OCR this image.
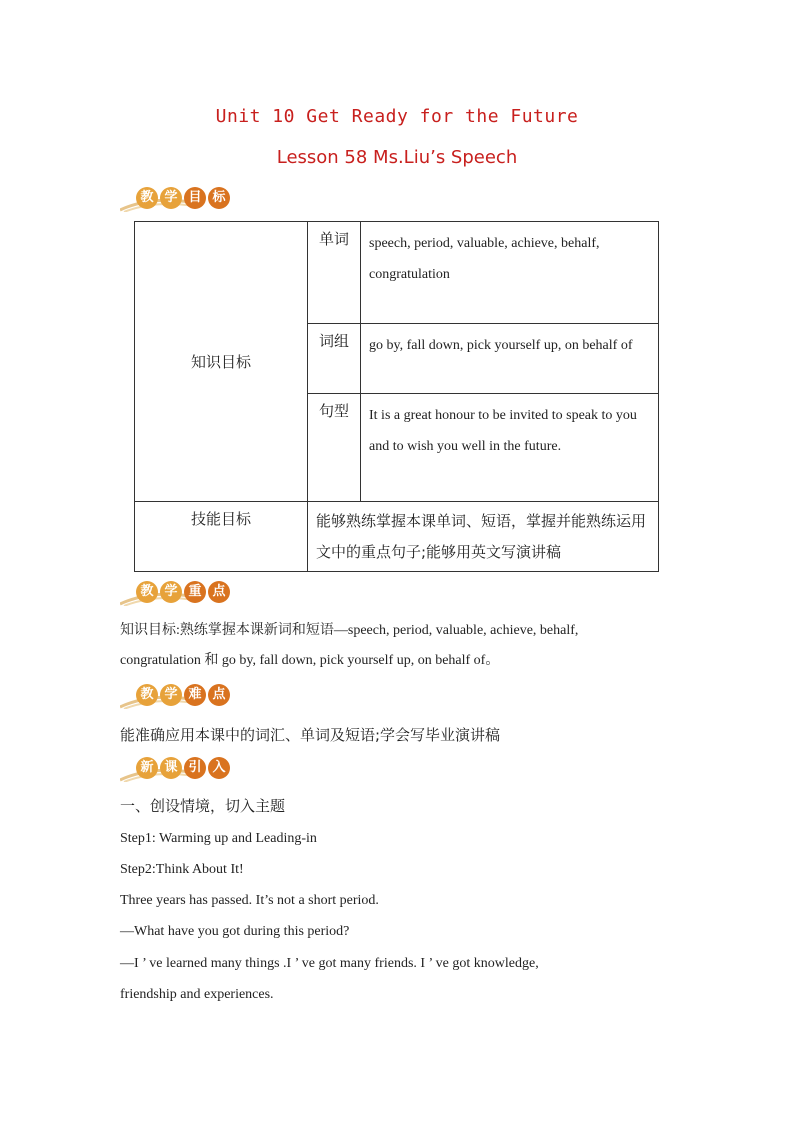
Unit 10 Get Ready for the Future
Lesson 58 Ms.Liu’s Speech
教 学 目 标
知识目标	单词	speech, period, valuable, achieve, behalf, congratulation
	词组	go by, fall down, pick yourself up, on behalf of
	句型	It is a great honour to be invited to speak to you and to wish you well in the future.
技能目标	能够熟练掌握本课单词、短语，掌握并能熟练运用文中的重点句子;能够用英文写演讲稿	
教 学 重 点
知识目标:熟练掌握本课新词和短语—speech, period, valuable, achieve, behalf,
congratulation 和 go by, fall down, pick yourself up, on behalf of。
教 学 难 点
能准确应用本课中的词汇、单词及短语;学会写毕业演讲稿
新 课 引 入
一、创设情境，切入主题
Step1: Warming up and Leading-in
Step2:Think About It!
Three years has passed. It’s not a short period.
—What have you got during this period?
—I ’ ve learned many things .I ’ ve got many friends. I ’ ve got knowledge,
friendship and experiences.
